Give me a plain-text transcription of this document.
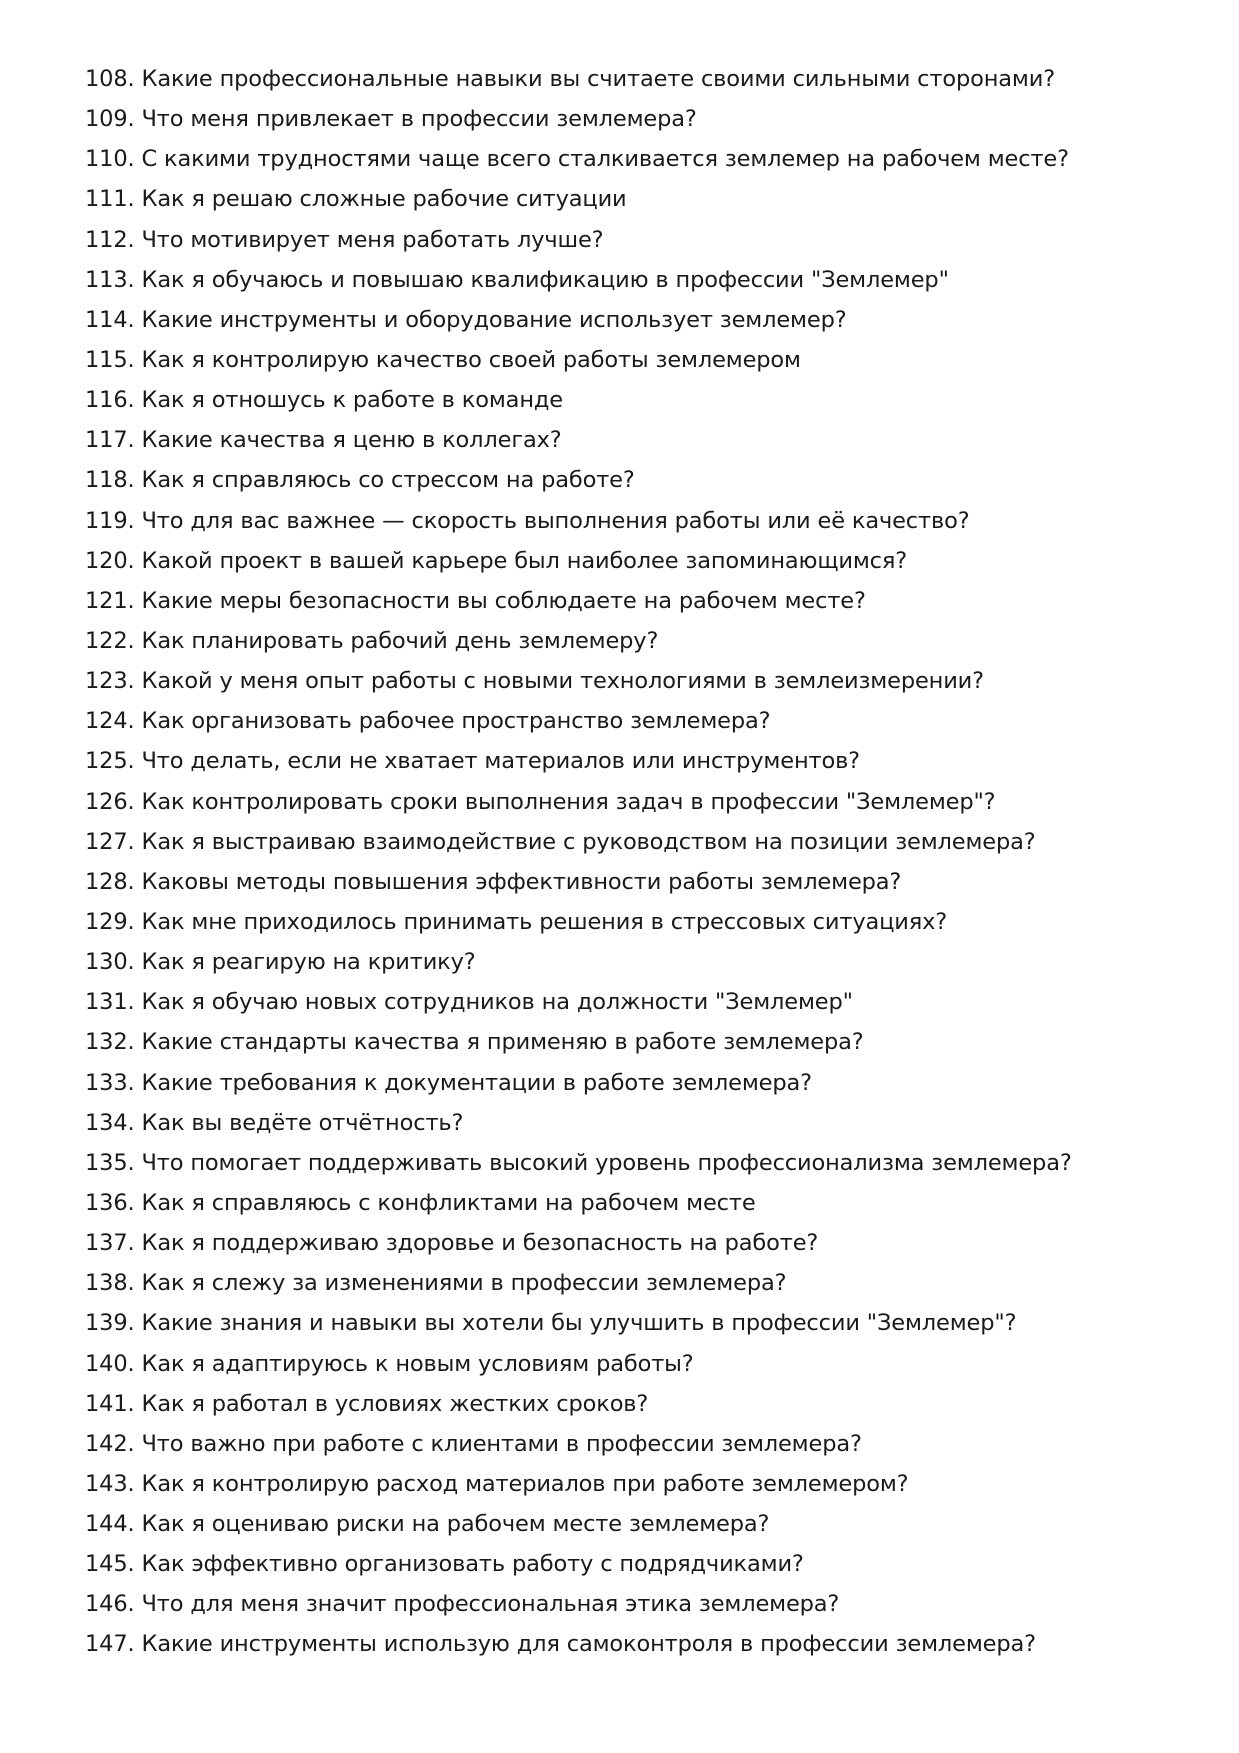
108. Какие профессиональные навыки вы считаете своими сильными сторонами?
109. Что меня привлекает в профессии землемера?
110. С какими трудностями чаще всего сталкивается землемер на рабочем месте?
111. Как я решаю сложные рабочие ситуации
112. Что мотивирует меня работать лучше?
113. Как я обучаюсь и повышаю квалификацию в профессии "Землемер"
114. Какие инструменты и оборудование использует землемер?
115. Как я контролирую качество своей работы землемером
116. Как я отношусь к работе в команде
117. Какие качества я ценю в коллегах?
118. Как я справляюсь со стрессом на работе?
119. Что для вас важнее — скорость выполнения работы или её качество?
120. Какой проект в вашей карьере был наиболее запоминающимся?
121. Какие меры безопасности вы соблюдаете на рабочем месте?
122. Как планировать рабочий день землемеру?
123. Какой у меня опыт работы с новыми технологиями в землеизмерении?
124. Как организовать рабочее пространство землемера?
125. Что делать, если не хватает материалов или инструментов?
126. Как контролировать сроки выполнения задач в профессии "Землемер"?
127. Как я выстраиваю взаимодействие с руководством на позиции землемера?
128. Каковы методы повышения эффективности работы землемера?
129. Как мне приходилось принимать решения в стрессовых ситуациях?
130. Как я реагирую на критику?
131. Как я обучаю новых сотрудников на должности "Землемер"
132. Какие стандарты качества я применяю в работе землемера?
133. Какие требования к документации в работе землемера?
134. Как вы ведёте отчётность?
135. Что помогает поддерживать высокий уровень профессионализма землемера?
136. Как я справляюсь с конфликтами на рабочем месте
137. Как я поддерживаю здоровье и безопасность на работе?
138. Как я слежу за изменениями в профессии землемера?
139. Какие знания и навыки вы хотели бы улучшить в профессии "Землемер"?
140. Как я адаптируюсь к новым условиям работы?
141. Как я работал в условиях жестких сроков?
142. Что важно при работе с клиентами в профессии землемера?
143. Как я контролирую расход материалов при работе землемером?
144. Как я оцениваю риски на рабочем месте землемера?
145. Как эффективно организовать работу с подрядчиками?
146. Что для меня значит профессиональная этика землемера?
147. Какие инструменты использую для самоконтроля в профессии землемера?
